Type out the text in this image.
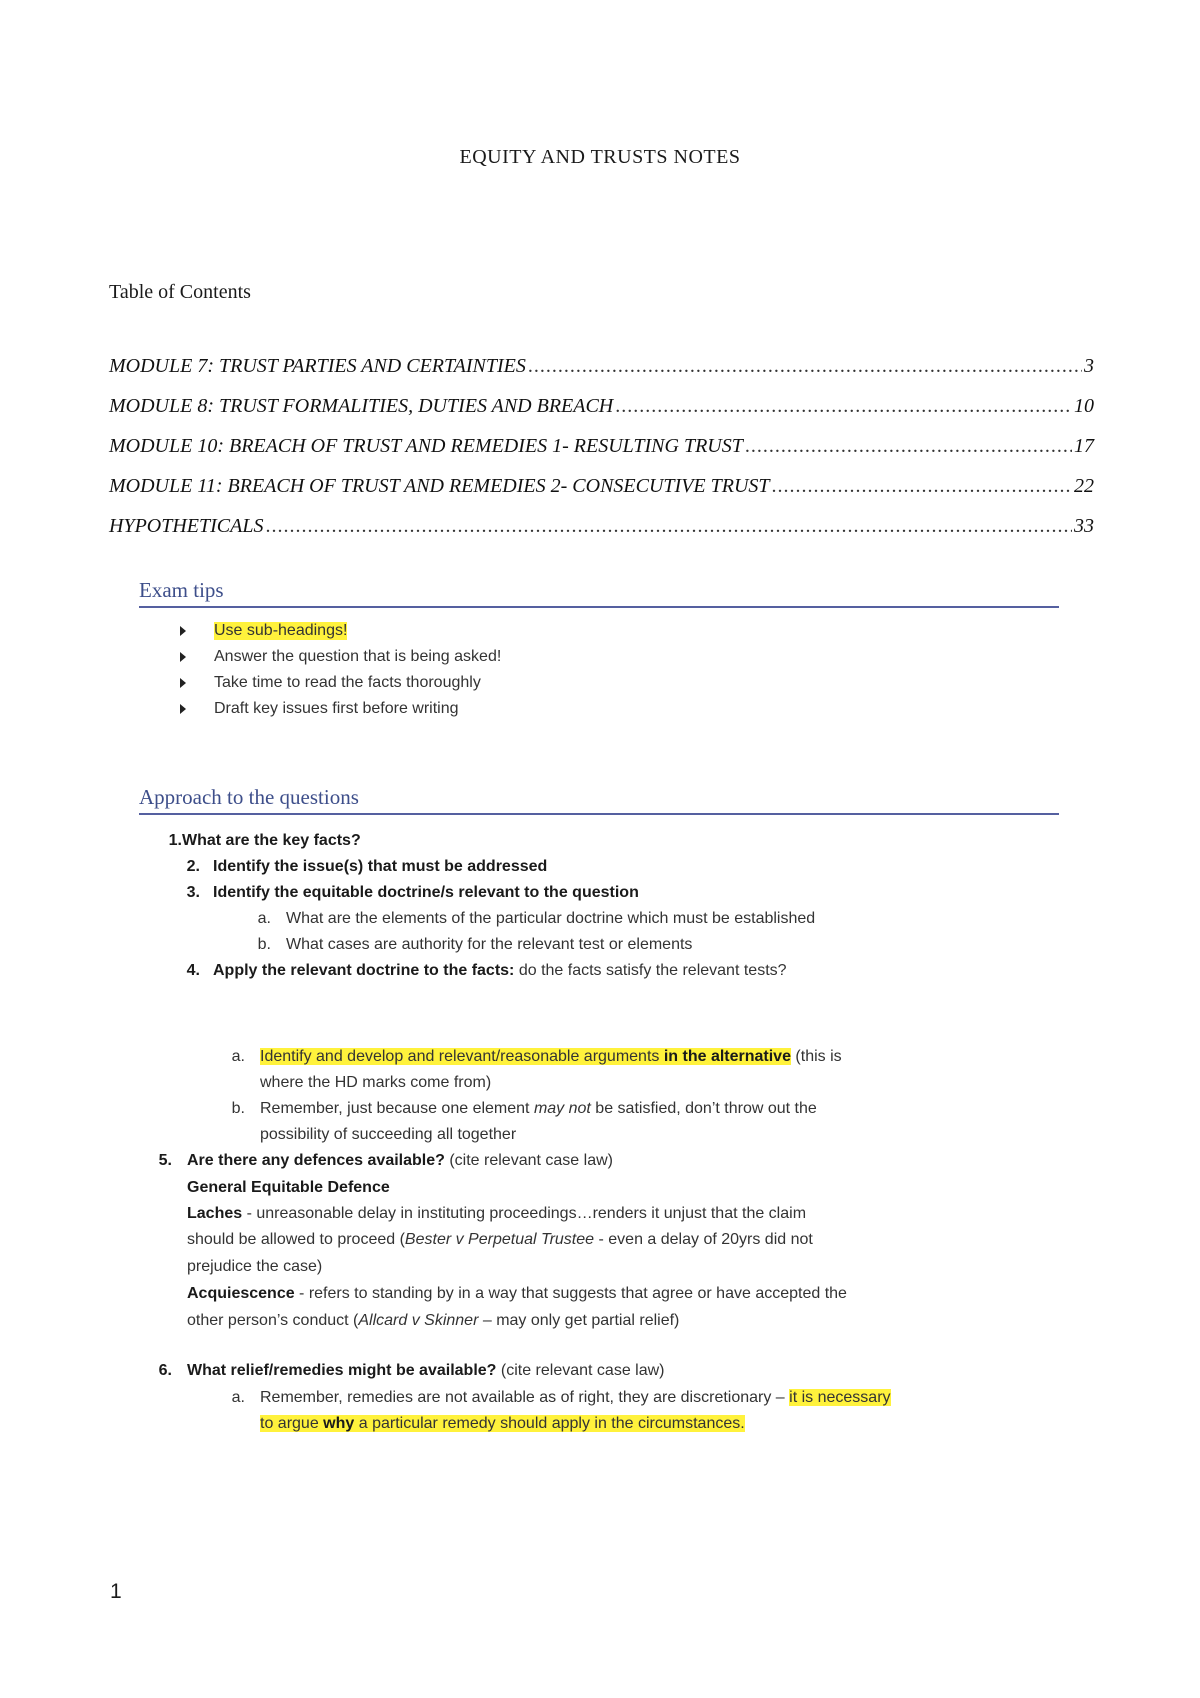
EQUITY AND TRUSTS NOTES
Table of Contents
MODULE 7: TRUST PARTIES AND CERTAINTIES . . .	3
MODULE 8: TRUST FORMALITIES, DUTIES AND BREACH . . .	10
MODULE 10: BREACH OF TRUST AND REMEDIES 1- RESULTING TRUST . . .	17
MODULE 11: BREACH OF TRUST AND REMEDIES 2- CONSECUTIVE TRUST . . .	22
HYPOTHETICALS . . .	33
Exam tips
Use sub-headings!
Answer the question that is being asked!
Take time to read the facts thoroughly
Draft key issues first before writing
Approach to the questions
1. What are the key facts?
2. Identify the issue(s) that must be addressed
3. Identify the equitable doctrine/s relevant to the question
a. What are the elements of the particular doctrine which must be established
b. What cases are authority for the relevant test or elements
4. Apply the relevant doctrine to the facts: do the facts satisfy the relevant tests?
a. Identify and develop and relevant/reasonable arguments in the alternative (this is
where the HD marks come from)
b. Remember, just because one element may not be satisfied, don’t throw out the
possibility of succeeding all together
5. Are there any defences available? (cite relevant case law)
General Equitable Defence
Laches - unreasonable delay in instituting proceedings…renders it unjust that the claim
should be allowed to proceed (Bester v Perpetual Trustee - even a delay of 20yrs did not
prejudice the case)
Acquiescence - refers to standing by in a way that suggests that agree or have accepted the
other person’s conduct (Allcard v Skinner – may only get partial relief)
6. What relief/remedies might be available? (cite relevant case law)
a. Remember, remedies are not available as of right, they are discretionary – it is necessary
to argue why a particular remedy should apply in the circumstances.
1
